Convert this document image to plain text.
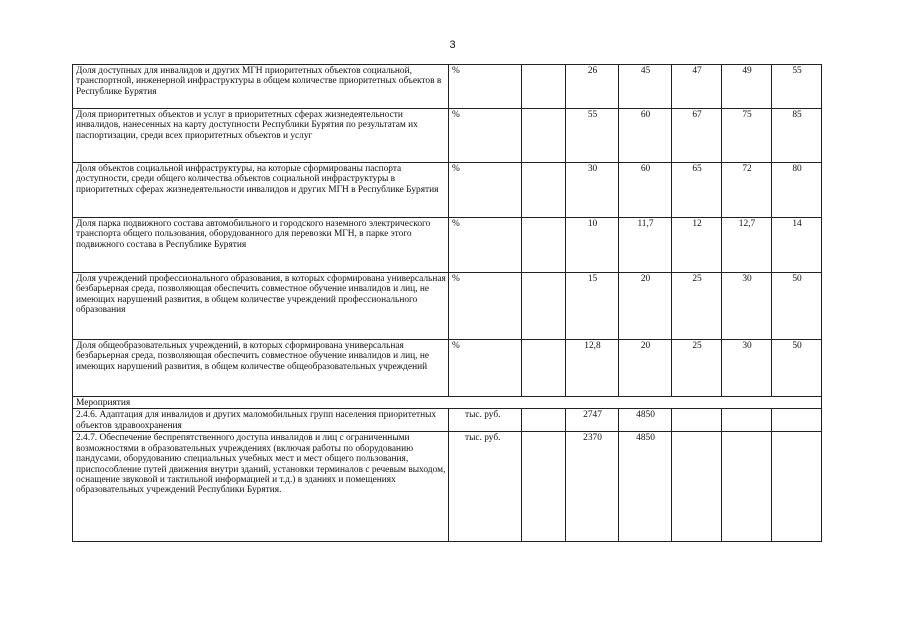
3
Доля доступных для инвалидов и других МГН приоритетных объектов социальной, транспортной, инженерной инфраструктуры в общем количестве приоритетных объектов в Республике Бурятия	%		26	45	47	49	55
Доля приоритетных объектов и услуг в приоритетных сферах жизнедеятельности инвалидов, нанесенных на карту доступности Республики Бурятия по результатам их паспортизации, среди всех приоритетных объектов и услуг	%		55	60	67	75	85
Доля объектов социальной инфраструктуры, на которые сформированы паспорта доступности, среди общего количества объектов социальной инфраструктуры в приоритетных сферах жизнедеятельности инвалидов и других МГН в Республике Бурятия	%		30	60	65	72	80
Доля парка подвижного состава автомобильного и городского наземного электрического транспорта общего пользования, оборудованного для перевозки МГН, в парке этого подвижного состава в Республике Бурятия	%		10	11,7	12	12,7	14
Доля учреждений профессионального образования, в которых сформирована универсальная безбарьерная среда, позволяющая обеспечить совместное обучение инвалидов и лиц, не имеющих нарушений развития, в общем количестве учреждений профессионального образования	%		15	20	25	30	50
Доля общеобразовательных учреждений, в которых сформирована универсальная безбарьерная среда, позволяющая обеспечить совместное обучение инвалидов и лиц, не имеющих нарушений развития, в общем количестве общеобразовательных учреждений	%		12,8	20	25	30	50
Мероприятия							
2.4.6. Адаптация для инвалидов и других маломобильных групп населения приоритетных объектов здравоохранения	тыс. руб.		2747	4850			
2.4.7. Обеспечение беспрепятственного доступа инвалидов и лиц с ограниченными возможностями в образовательных учреждениях (включая работы по оборудованию пандусами, оборудованию специальных учебных мест и мест общего пользования, приспособление путей движения внутри зданий, установки терминалов с речевым выходом, оснащение звуковой и тактильной информацией и т.д.) в зданиях и помещениях образовательных учреждений Республики Бурятия.	тыс. руб.		2370	4850			
